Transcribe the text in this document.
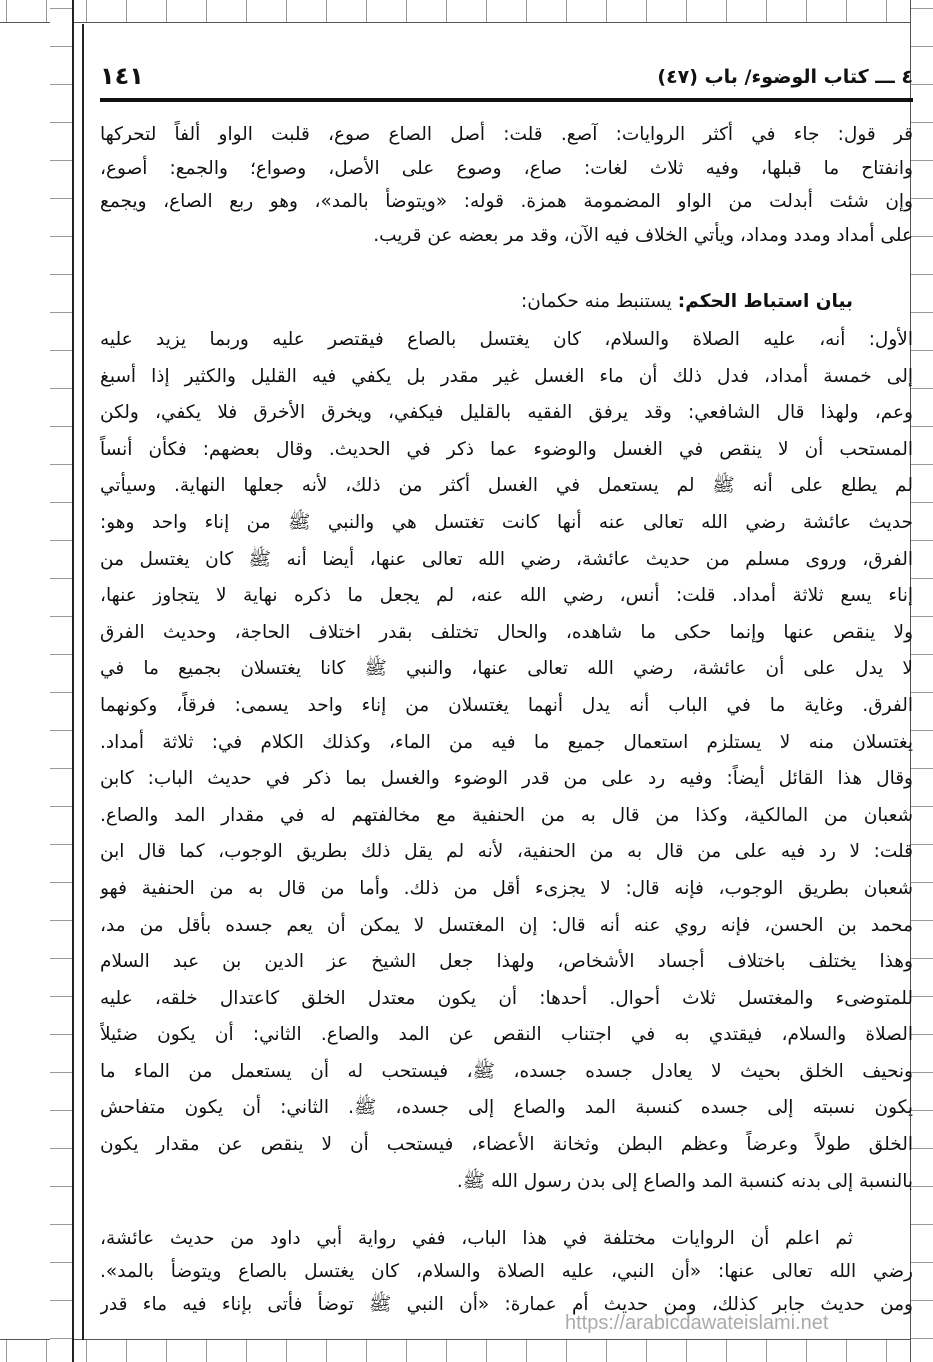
٤ ـــ كتاب الوضوء/ باب (٤٧)
١٤١
قر قول: جاء في أكثر الروايات: آصع. قلت: أصل الصاع صوع، قلبت الواو ألفاً لتحركها
وانفتاح ما قبلها، وفيه ثلاث لغات: صاع، وصوع على الأصل، وصواع؛ والجمع: أصوع،
وإن شئت أبدلت من الواو المضمومة همزة. قوله: «ويتوضأ بالمد»، وهو ربع الصاع، ويجمع
على أمداد ومدد ومداد، ويأتي الخلاف فيه الآن، وقد مر بعضه عن قريب.
بيان استباط الحكم: يستنبط منه حكمان:
الأول: أنه، عليه الصلاة والسلام، كان يغتسل بالصاع فيقتصر عليه وربما يزيد عليه
إلى خمسة أمداد، فدل ذلك أن ماء الغسل غير مقدر بل يكفي فيه القليل والكثير إذا أسبغ
وعم، ولهذا قال الشافعي: وقد يرفق الفقيه بالقليل فيكفي، ويخرق الأخرق فلا يكفي، ولكن
المستحب أن لا ينقص في الغسل والوضوء عما ذكر في الحديث. وقال بعضهم: فكأن أنساً
لم يطلع على أنه ﷺ لم يستعمل في الغسل أكثر من ذلك، لأنه جعلها النهاية. وسيأتي
حديث عائشة رضي الله تعالى عنه أنها كانت تغتسل هي والنبي ﷺ من إناء واحد وهو:
الفرق، وروى مسلم من حديث عائشة، رضي الله تعالى عنها، أيضا أنه ﷺ كان يغتسل من
إناء يسع ثلاثة أمداد. قلت: أنس، رضي الله عنه، لم يجعل ما ذكره نهاية لا يتجاوز عنها،
ولا ينقص عنها وإنما حكى ما شاهده، والحال تختلف بقدر اختلاف الحاجة، وحديث الفرق
لا يدل على أن عائشة، رضي الله تعالى عنها، والنبي ﷺ كانا يغتسلان بجميع ما في
الفرق. وغاية ما في الباب أنه يدل أنهما يغتسلان من إناء واحد يسمى: فرقاً، وكونهما
يغتسلان منه لا يستلزم استعمال جميع ما فيه من الماء، وكذلك الكلام في: ثلاثة أمداد.
وقال هذا القائل أيضاً: وفيه رد على من قدر الوضوء والغسل بما ذكر في حديث الباب: كابن
شعبان من المالكية، وكذا من قال به من الحنفية مع مخالفتهم له في مقدار المد والصاع.
قلت: لا رد فيه على من قال به من الحنفية، لأنه لم يقل ذلك بطريق الوجوب، كما قال ابن
شعبان بطريق الوجوب، فإنه قال: لا يجزىء أقل من ذلك. وأما من قال به من الحنفية فهو
محمد بن الحسن، فإنه روي عنه أنه قال: إن المغتسل لا يمكن أن يعم جسده بأقل من مد،
وهذا يختلف باختلاف أجساد الأشخاص، ولهذا جعل الشيخ عز الدين بن عبد السلام
للمتوضىء والمغتسل ثلاث أحوال. أحدها: أن يكون معتدل الخلق كاعتدال خلقه، عليه
الصلاة والسلام، فيقتدي به في اجتناب النقص عن المد والصاع. الثاني: أن يكون ضئيلاً
ونحيف الخلق بحيث لا يعادل جسده جسده، ﷺ، فيستحب له أن يستعمل من الماء ما
يكون نسبته إلى جسده كنسبة المد والصاع إلى جسده، ﷺ. الثاني: أن يكون متفاحش
الخلق طولاً وعرضاً وعظم البطن وثخانة الأعضاء، فيستحب أن لا ينقص عن مقدار يكون
بالنسبة إلى بدنه كنسبة المد والصاع إلى بدن رسول الله ﷺ.
ثم اعلم أن الروايات مختلفة في هذا الباب، ففي رواية أبي داود من حديث عائشة،
رضي الله تعالى عنها: «أن النبي، عليه الصلاة والسلام، كان يغتسل بالصاع ويتوضأ بالمد».
ومن حديث جابر كذلك، ومن حديث أم عمارة: «أن النبي ﷺ توضأ فأتى بإناء فيه ماء قدر
https://arabicdawateislami.net
